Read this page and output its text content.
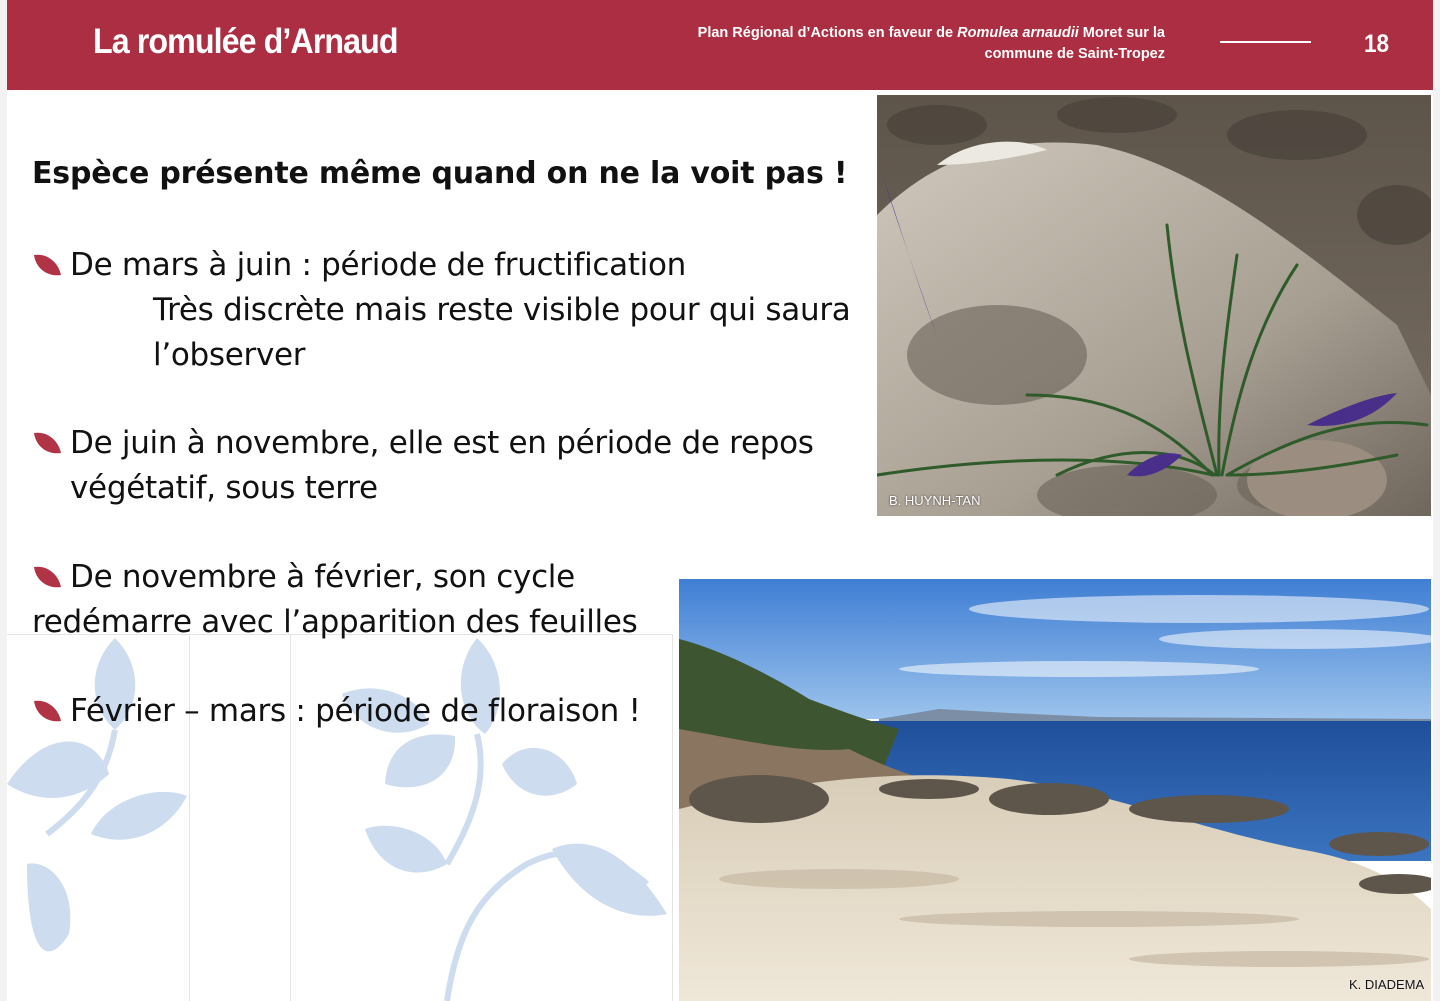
La romulée d’Arnaud	Plan Régional d’Actions en faveur de Romulea arnaudii Moret sur la
commune de Saint-Tropez	18
Espèce présente même quand on ne la voit pas !
De mars à juin : période de fructification
Très discrète mais reste visible pour qui saura
l’observer
De juin à novembre, elle est en période de repos
végétatif, sous terre
De novembre à février, son cycle
redémarre avec l’apparition des feuilles
Février – mars : période de floraison !
B. HUYNH-TAN
K. DIADEMA
